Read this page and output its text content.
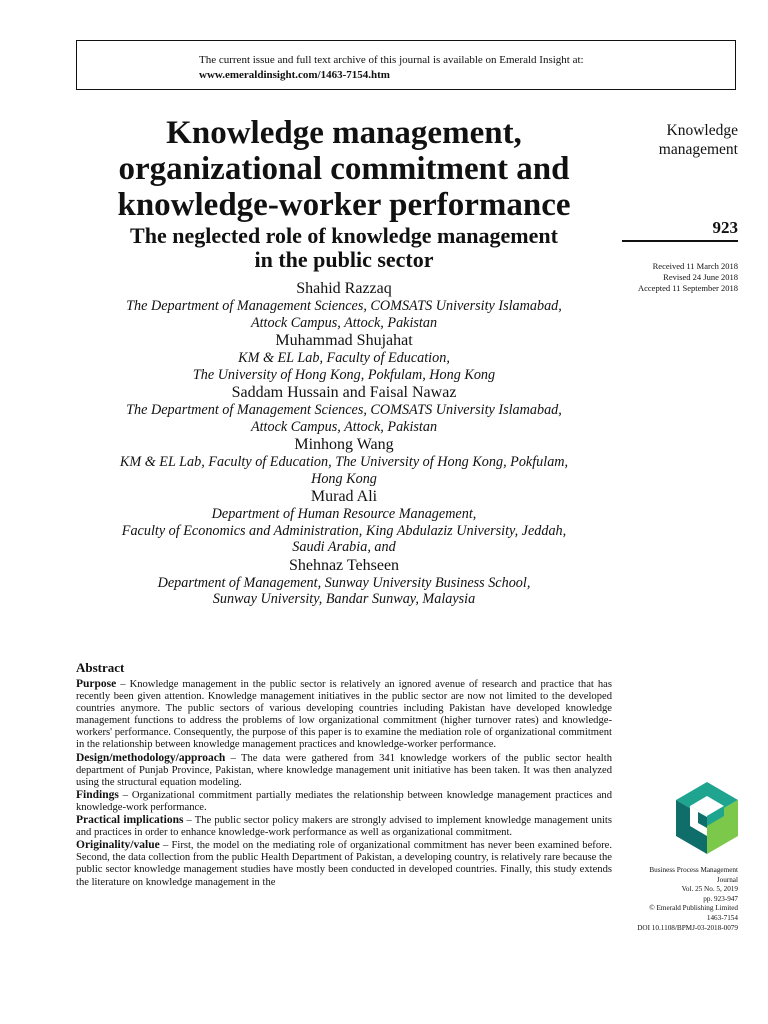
The current issue and full text archive of this journal is available on Emerald Insight at:
www.emeraldinsight.com/1463-7154.htm
Knowledge management,
organizational commitment and
knowledge-worker performance
The neglected role of knowledge management
in the public sector
Knowledge
management
923
Received 11 March 2018
Revised 24 June 2018
Accepted 11 September 2018
Shahid Razzaq
The Department of Management Sciences, COMSATS University Islamabad,
Attock Campus, Attock, Pakistan
Muhammad Shujahat
KM & EL Lab, Faculty of Education,
The University of Hong Kong, Pokfulam, Hong Kong
Saddam Hussain and Faisal Nawaz
The Department of Management Sciences, COMSATS University Islamabad,
Attock Campus, Attock, Pakistan
Minhong Wang
KM & EL Lab, Faculty of Education, The University of Hong Kong, Pokfulam,
Hong Kong
Murad Ali
Department of Human Resource Management,
Faculty of Economics and Administration, King Abdulaziz University, Jeddah,
Saudi Arabia, and
Shehnaz Tehseen
Department of Management, Sunway University Business School,
Sunway University, Bandar Sunway, Malaysia
Abstract

Purpose – Knowledge management in the public sector is relatively an ignored avenue of research and practice that has recently been given attention. Knowledge management initiatives in the public sector are now not limited to the developed countries anymore. The public sectors of various developing countries including Pakistan have developed knowledge management functions to address the problems of low organizational commitment (higher turnover rates) and knowledge-workers' performance. Consequently, the purpose of this paper is to examine the mediation role of organizational commitment in the relationship between knowledge management practices and knowledge-worker performance.

Design/methodology/approach – The data were gathered from 341 knowledge workers of the public sector health department of Punjab Province, Pakistan, where knowledge management unit initiative has been taken. It was then analyzed using the structural equation modeling.

Findings – Organizational commitment partially mediates the relationship between knowledge management practices and knowledge-work performance.

Practical implications – The public sector policy makers are strongly advised to implement knowledge management units and practices in order to enhance knowledge-work performance as well as organizational commitment.

Originality/value – First, the model on the mediating role of organizational commitment has never been examined before. Second, the data collection from the public Health Department of Pakistan, a developing country, is relatively rare because the public sector knowledge management studies have mostly been conducted in developed countries. Finally, this study extends the literature on knowledge management in the

Business Process Management
Journal
Vol. 25 No. 5, 2019
pp. 923-947
© Emerald Publishing Limited
1463-7154
DOI 10.1108/BPMJ-03-2018-0079
